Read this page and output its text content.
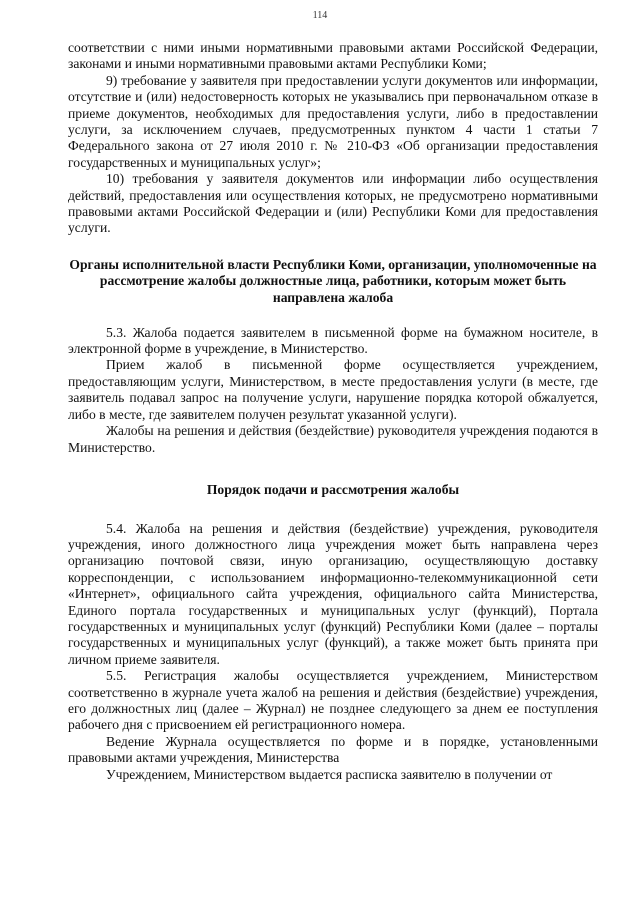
114

соответствии с ними иными нормативными правовыми актами Российской Федерации, законами и иными нормативными правовыми актами Республики Коми;

9) требование у заявителя при предоставлении услуги документов или информации, отсутствие и (или) недостоверность которых не указывались при первоначальном отказе в приеме документов, необходимых для предоставления услуги, либо в предоставлении услуги, за исключением случаев, предусмотренных пунктом 4 части 1 статьи 7 Федерального закона от 27 июля 2010 г. № 210-ФЗ «Об организации предоставления государственных и муниципальных услуг»;

10) требования у заявителя документов или информации либо осуществления действий, предоставления или осуществления которых, не предусмотрено нормативными правовыми актами Российской Федерации и (или) Республики Коми для предоставления услуги.

Органы исполнительной власти Республики Коми, организации, уполномоченные на рассмотрение жалобы должностные лица, работники, которым может быть направлена жалоба

5.3. Жалоба подается заявителем в письменной форме на бумажном носителе, в электронной форме в учреждение, в Министерство.

Прием жалоб в письменной форме осуществляется учреждением, предоставляющим услуги, Министерством, в месте предоставления услуги (в месте, где заявитель подавал запрос на получение услуги, нарушение порядка которой обжалуется, либо в месте, где заявителем получен результат указанной услуги).

Жалобы на решения и действия (бездействие) руководителя учреждения подаются в Министерство.

Порядок подачи и рассмотрения жалобы

5.4. Жалоба на решения и действия (бездействие) учреждения, руководителя учреждения, иного должностного лица учреждения может быть направлена через организацию почтовой связи, иную организацию, осуществляющую доставку корреспонденции, с использованием информационно-телекоммуникационной сети «Интернет», официального сайта учреждения, официального сайта Министерства, Единого портала государственных и муниципальных услуг (функций), Портала государственных и муниципальных услуг (функций) Республики Коми (далее – порталы государственных и муниципальных услуг (функций), а также может быть принята при личном приеме заявителя.

5.5. Регистрация жалобы осуществляется учреждением, Министерством соответственно в журнале учета жалоб на решения и действия (бездействие) учреждения, его должностных лиц (далее – Журнал) не позднее следующего за днем ее поступления рабочего дня с присвоением ей регистрационного номера.

Ведение Журнала осуществляется по форме и в порядке, установленными правовыми актами учреждения, Министерства

Учреждением, Министерством выдается расписка заявителю в получении от
